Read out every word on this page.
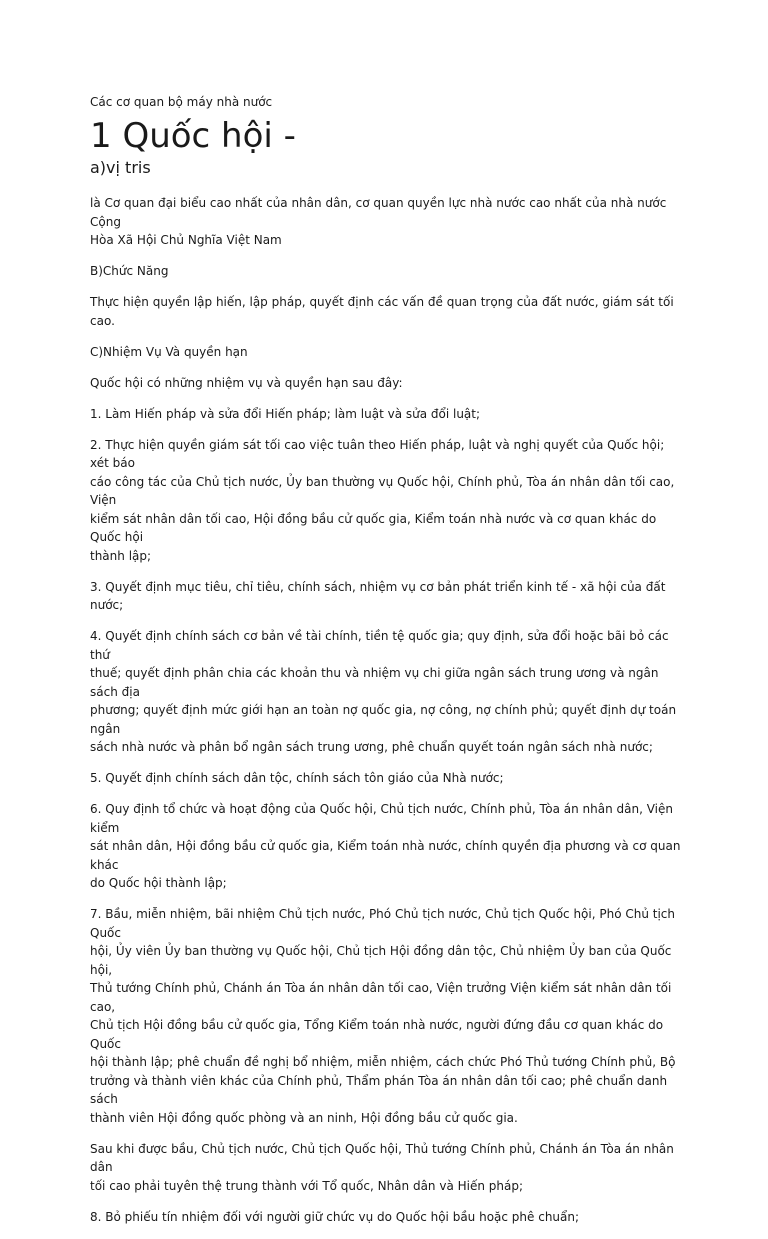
Các cơ quan bộ máy nhà nước
1 Quốc hội -
a)vị tris

là Cơ quan đại biểu cao nhất của nhân dân, cơ quan quyền lực nhà nước cao nhất của nhà nước Cộng
Hòa Xã Hội Chủ Nghĩa Việt Nam

B)Chức Năng

Thực hiện quyền lập hiến, lập pháp, quyết định các vấn đề quan trọng của đất nước, giám sát tối cao.

C)Nhiệm Vụ Và quyền hạn

Quốc hội có những nhiệm vụ và quyền hạn sau đây:

1. Làm Hiến pháp và sửa đổi Hiến pháp; làm luật và sửa đổi luật;

2. Thực hiện quyền giám sát tối cao việc tuân theo Hiến pháp, luật và nghị quyết của Quốc hội; xét báo
cáo công tác của Chủ tịch nước, Ủy ban thường vụ Quốc hội, Chính phủ, Tòa án nhân dân tối cao, Viện
kiểm sát nhân dân tối cao, Hội đồng bầu cử quốc gia, Kiểm toán nhà nước và cơ quan khác do Quốc hội
thành lập;

3. Quyết định mục tiêu, chỉ tiêu, chính sách, nhiệm vụ cơ bản phát triển kinh tế - xã hội của đất nước;

4. Quyết định chính sách cơ bản về tài chính, tiền tệ quốc gia; quy định, sửa đổi hoặc bãi bỏ các thứ
thuế; quyết định phân chia các khoản thu và nhiệm vụ chi giữa ngân sách trung ương và ngân sách địa
phương; quyết định mức giới hạn an toàn nợ quốc gia, nợ công, nợ chính phủ; quyết định dự toán ngân
sách nhà nước và phân bổ ngân sách trung ương, phê chuẩn quyết toán ngân sách nhà nước;

5. Quyết định chính sách dân tộc, chính sách tôn giáo của Nhà nước;

6. Quy định tổ chức và hoạt động của Quốc hội, Chủ tịch nước, Chính phủ, Tòa án nhân dân, Viện kiểm
sát nhân dân, Hội đồng bầu cử quốc gia, Kiểm toán nhà nước, chính quyền địa phương và cơ quan khác
do Quốc hội thành lập;

7. Bầu, miễn nhiệm, bãi nhiệm Chủ tịch nước, Phó Chủ tịch nước, Chủ tịch Quốc hội, Phó Chủ tịch Quốc
hội, Ủy viên Ủy ban thường vụ Quốc hội, Chủ tịch Hội đồng dân tộc, Chủ nhiệm Ủy ban của Quốc hội,
Thủ tướng Chính phủ, Chánh án Tòa án nhân dân tối cao, Viện trưởng Viện kiểm sát nhân dân tối cao,
Chủ tịch Hội đồng bầu cử quốc gia, Tổng Kiểm toán nhà nước, người đứng đầu cơ quan khác do Quốc
hội thành lập; phê chuẩn đề nghị bổ nhiệm, miễn nhiệm, cách chức Phó Thủ tướng Chính phủ, Bộ
trưởng và thành viên khác của Chính phủ, Thẩm phán Tòa án nhân dân tối cao; phê chuẩn danh sách
thành viên Hội đồng quốc phòng và an ninh, Hội đồng bầu cử quốc gia.

Sau khi được bầu, Chủ tịch nước, Chủ tịch Quốc hội, Thủ tướng Chính phủ, Chánh án Tòa án nhân dân
tối cao phải tuyên thệ trung thành với Tổ quốc, Nhân dân và Hiến pháp;

8. Bỏ phiếu tín nhiệm đối với người giữ chức vụ do Quốc hội bầu hoặc phê chuẩn;
